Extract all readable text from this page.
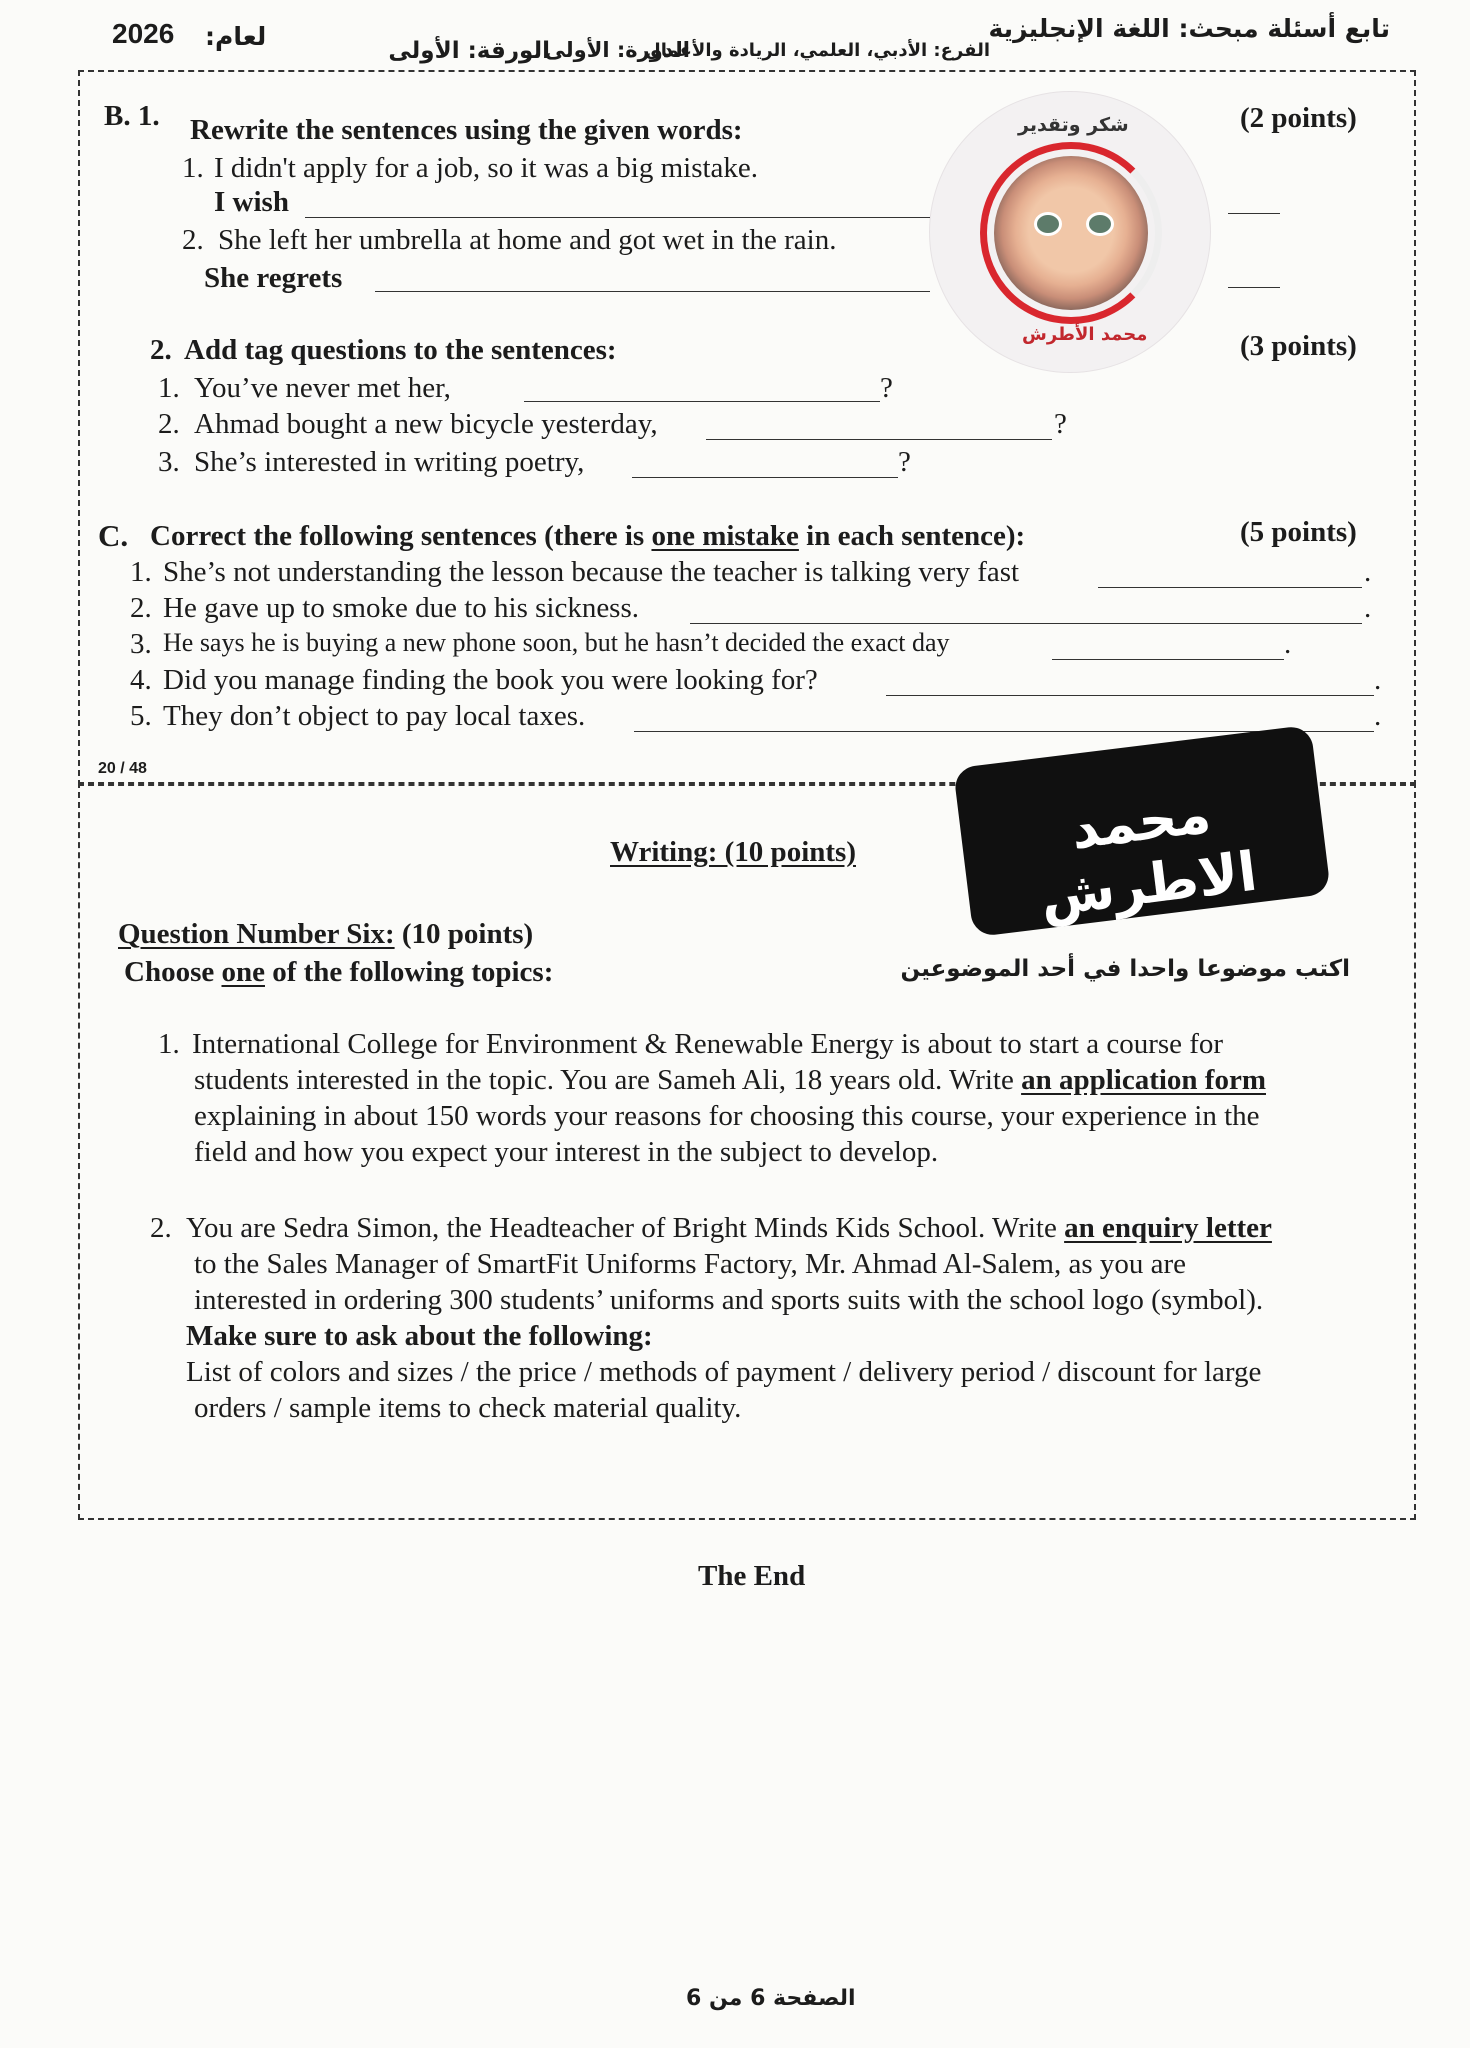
تابع أسئلة مبحث: اللغة الإنجليزية
الفرع: الأدبي، العلمي، الريادة والأعمال
الدورة: الأولى
الورقة: الأولى
لعام:
2026
20 / 48
شكر وتقدير
محمد الأطرش
B. 1. Rewrite the sentences using the given words:	(2 points)
1. I didn't apply for a job, so it was a big mistake.
I wish
2. She left her umbrella at home and got wet in the rain.
She regrets
2. Add tag questions to the sentences:	(3 points)
1. You’ve never met her,	?
2. Ahmad bought a new bicycle yesterday,	?
3. She’s interested in writing poetry,	?
C. Correct the following sentences (there is one mistake in each sentence):	(5 points)
1. She’s not understanding the lesson because the teacher is talking very fast	.
2. He gave up to smoke due to his sickness.	.
3. He says he is buying a new phone soon, but he hasn’t decided the exact day	.
4. Did you manage finding the book you were looking for?	.
5. They don’t object to pay local taxes.	.
محمد الاطرش
Writing: (10 points)
Question Number Six: (10 points)
Choose one of the following topics:	اكتب موضوعا واحدا في أحد الموضوعين
1. International College for Environment & Renewable Energy is about to start a course for
students interested in the topic. You are Sameh Ali, 18 years old. Write an application form
explaining in about 150 words your reasons for choosing this course, your experience in the
field and how you expect your interest in the subject to develop.
2. You are Sedra Simon, the Headteacher of Bright Minds Kids School. Write an enquiry letter
to the Sales Manager of SmartFit Uniforms Factory, Mr. Ahmad Al-Salem, as you are
interested in ordering 300 students’ uniforms and sports suits with the school logo (symbol).
Make sure to ask about the following:
List of colors and sizes / the price / methods of payment / delivery period / discount for large
orders / sample items to check material quality.
The End
الصفحة 6 من 6
